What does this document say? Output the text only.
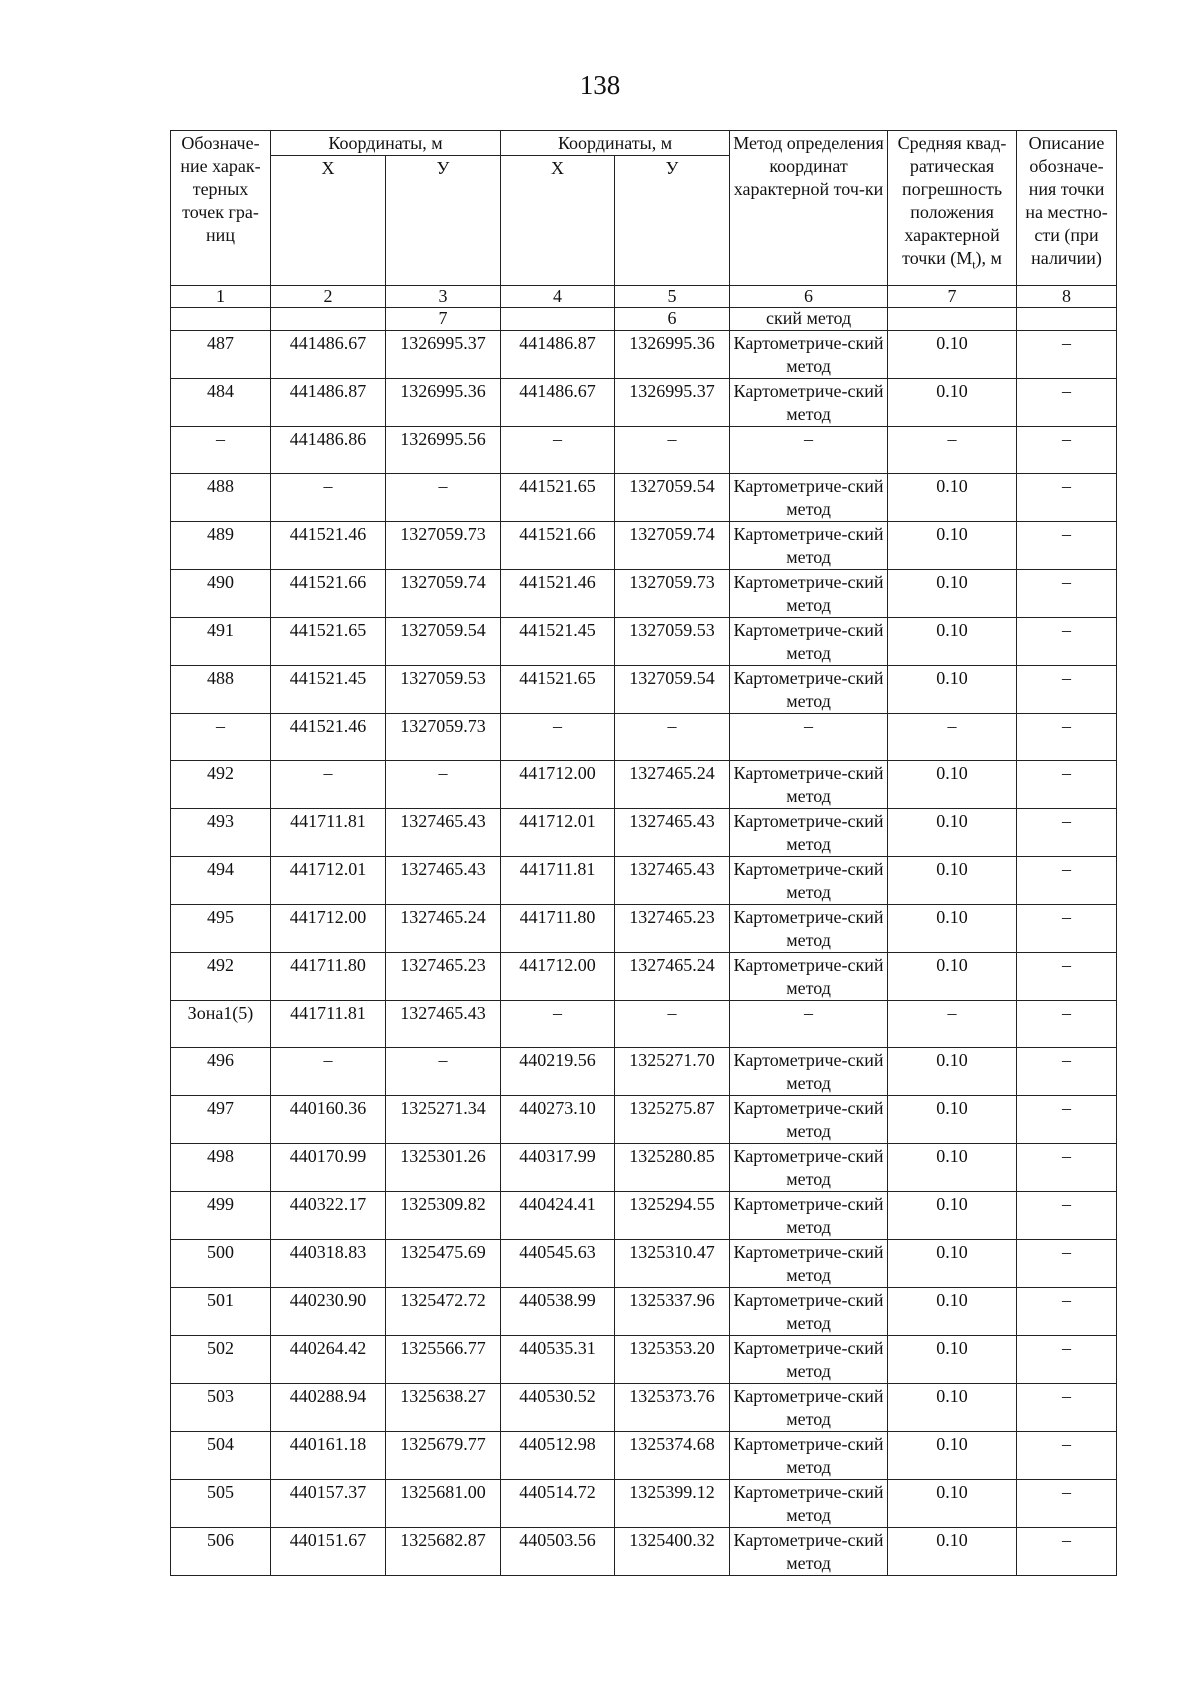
138
Обозначе-ние харак-терных точек гра-ниц	Координаты, м		Координаты, м		Метод определения координат характерной точ-ки	Средняя квад-ратическая погрешность положения характерной точки $(M_t)$, м	Описание обозначе-ния точки на местно-сти (при наличии)
	X	У	X	У			
1	2	3	4	5	6	7	8
		7		6	ский метод		
487	441486.67	1326995.37	441486.87	1326995.36	Картометриче-ский метод	0.10	–
484	441486.87	1326995.36	441486.67	1326995.37	Картометриче-ский метод	0.10	–
–	441486.86	1326995.56	–	–	–	–	–
488	–	–	441521.65	1327059.54	Картометриче-ский метод	0.10	–
489	441521.46	1327059.73	441521.66	1327059.74	Картометриче-ский метод	0.10	–
490	441521.66	1327059.74	441521.46	1327059.73	Картометриче-ский метод	0.10	–
491	441521.65	1327059.54	441521.45	1327059.53	Картометриче-ский метод	0.10	–
488	441521.45	1327059.53	441521.65	1327059.54	Картометриче-ский метод	0.10	–
–	441521.46	1327059.73	–	–	–	–	–
492	–	–	441712.00	1327465.24	Картометриче-ский метод	0.10	–
493	441711.81	1327465.43	441712.01	1327465.43	Картометриче-ский метод	0.10	–
494	441712.01	1327465.43	441711.81	1327465.43	Картометриче-ский метод	0.10	–
495	441712.00	1327465.24	441711.80	1327465.23	Картометриче-ский метод	0.10	–
492	441711.80	1327465.23	441712.00	1327465.24	Картометриче-ский метод	0.10	–
Зона1(5)	441711.81	1327465.43	–	–	–	–	–
496	–	–	440219.56	1325271.70	Картометриче-ский метод	0.10	–
497	440160.36	1325271.34	440273.10	1325275.87	Картометриче-ский метод	0.10	–
498	440170.99	1325301.26	440317.99	1325280.85	Картометриче-ский метод	0.10	–
499	440322.17	1325309.82	440424.41	1325294.55	Картометриче-ский метод	0.10	–
500	440318.83	1325475.69	440545.63	1325310.47	Картометриче-ский метод	0.10	–
501	440230.90	1325472.72	440538.99	1325337.96	Картометриче-ский метод	0.10	–
502	440264.42	1325566.77	440535.31	1325353.20	Картометриче-ский метод	0.10	–
503	440288.94	1325638.27	440530.52	1325373.76	Картометриче-ский метод	0.10	–
504	440161.18	1325679.77	440512.98	1325374.68	Картометриче-ский метод	0.10	–
505	440157.37	1325681.00	440514.72	1325399.12	Картометриче-ский метод	0.10	–
506	440151.67	1325682.87	440503.56	1325400.32	Картометриче-ский метод	0.10	–
